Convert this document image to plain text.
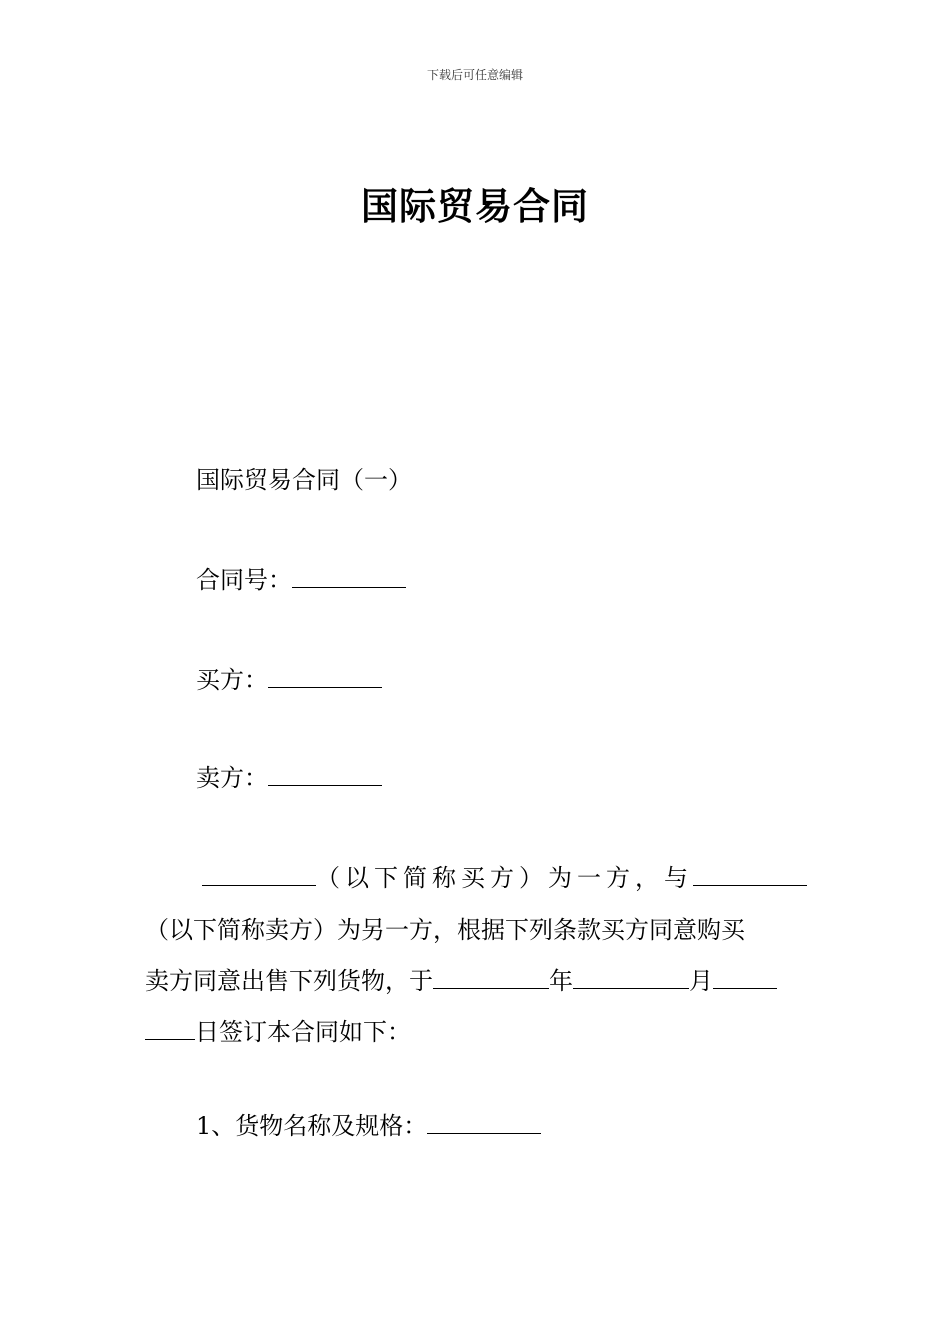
下载后可任意编辑
国际贸易合同
国际贸易合同（一）
合同号：
买方：
卖方：
（以下简称买方）为一方，与
（以下简称卖方）为另一方，根据下列条款买方同意购买
卖方同意出售下列货物，于	年	月
日签订本合同如下：
1、货物名称及规格：
